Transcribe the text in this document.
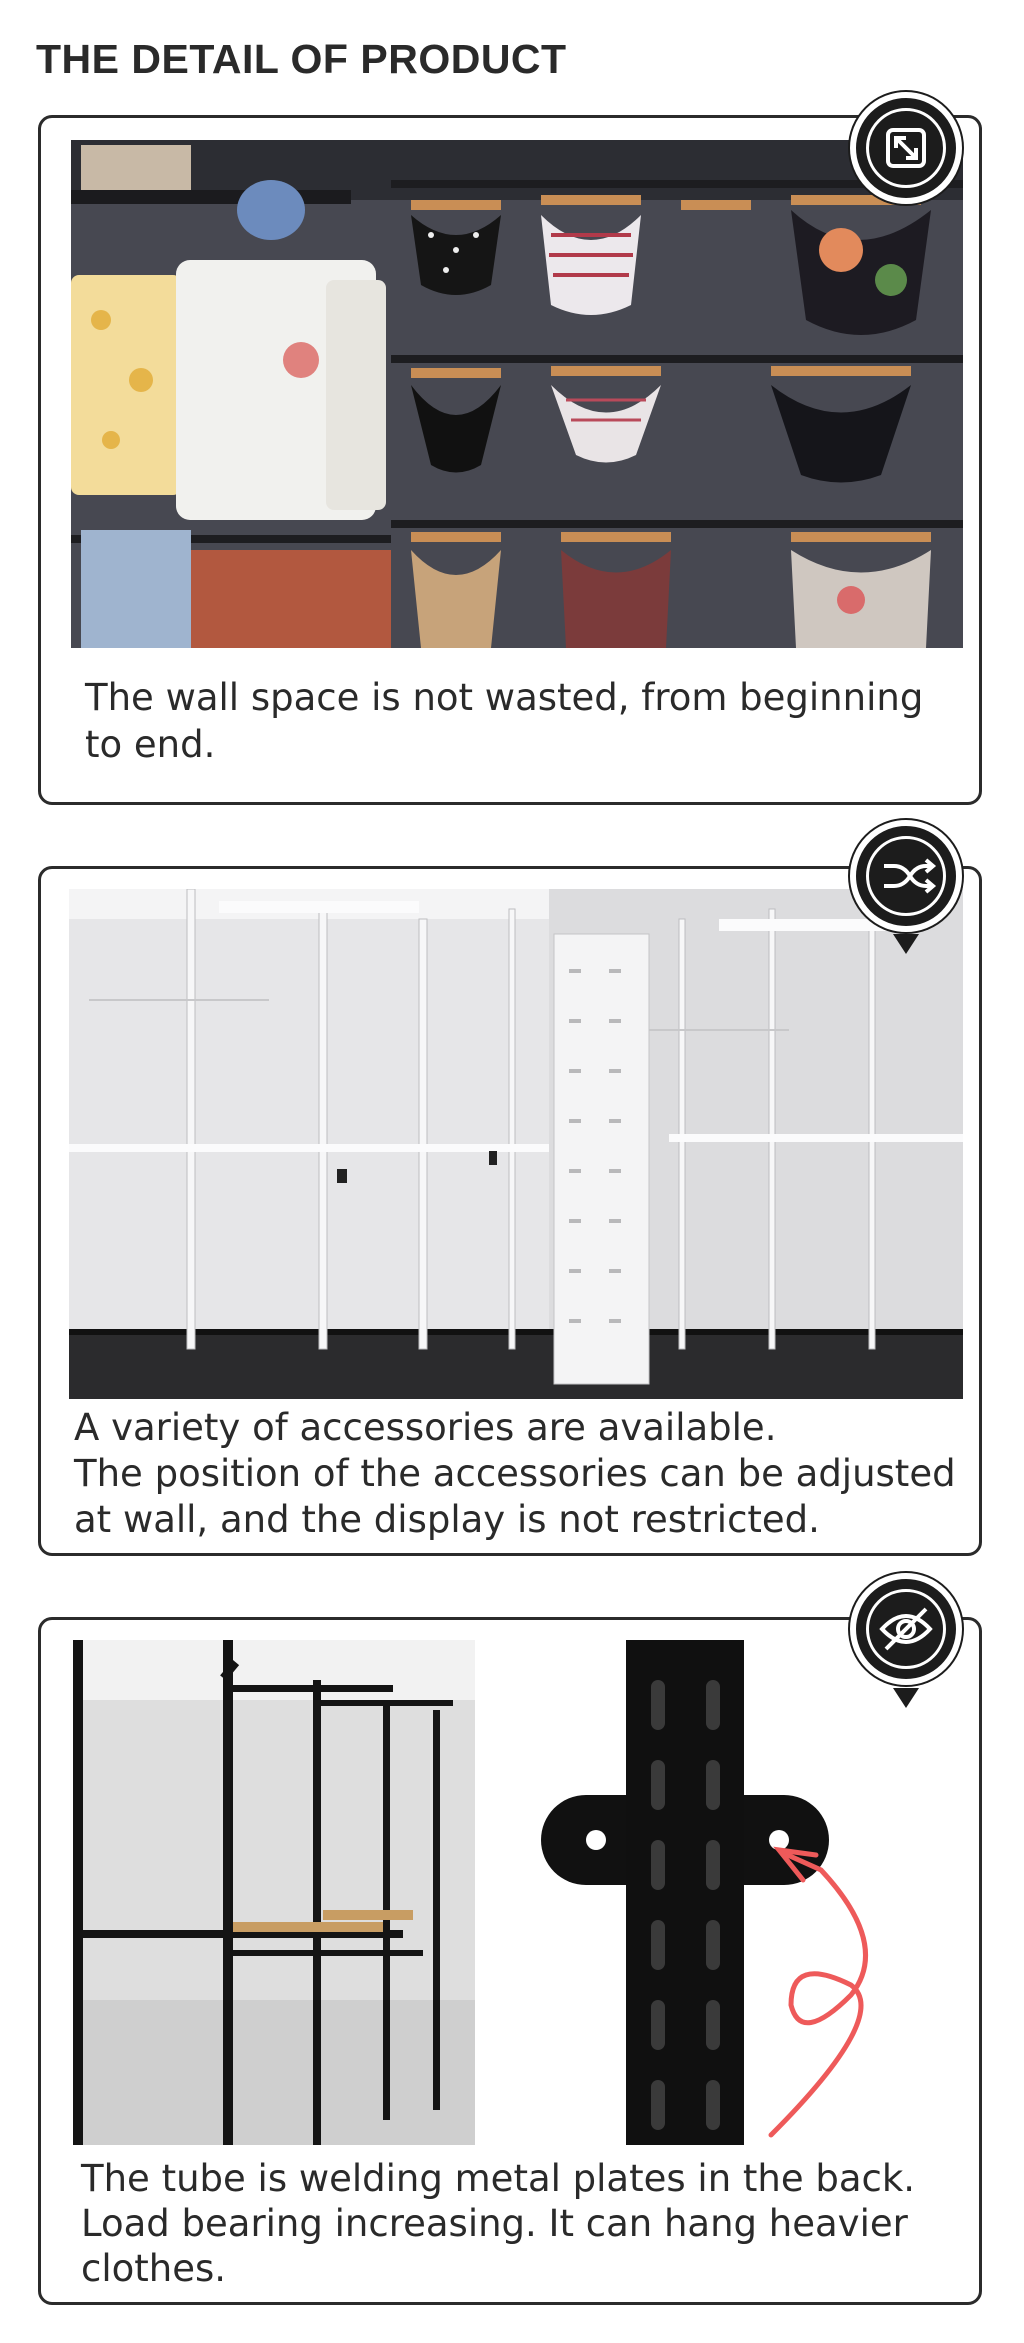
THE DETAIL OF PRODUCT
The wall space is not wasted, from beginning
to end.
A variety of accessories are available.
The position of the accessories can be adjusted
at wall, and the display is not restricted.
The tube is welding metal plates in the back.
Load bearing increasing. It can hang heavier
clothes.
